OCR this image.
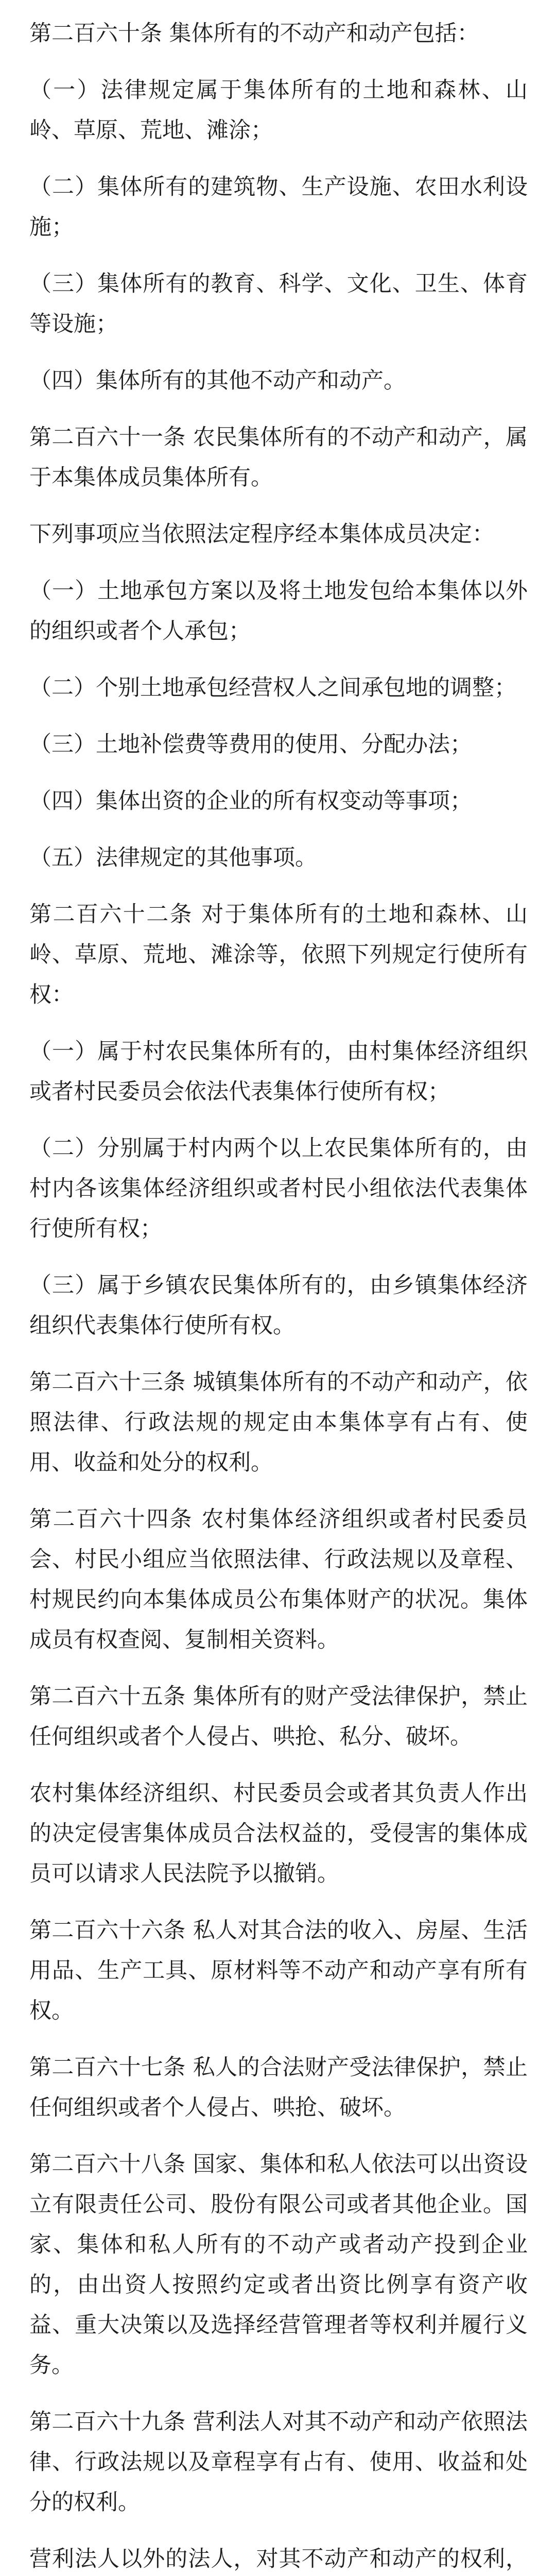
第二百六十条 集体所有的不动产和动产包括：

（一）法律规定属于集体所有的土地和森林、山岭、草原、荒地、滩涂；

（二）集体所有的建筑物、生产设施、农田水利设施；

（三）集体所有的教育、科学、文化、卫生、体育等设施；

（四）集体所有的其他不动产和动产。

第二百六十一条 农民集体所有的不动产和动产，属于本集体成员集体所有。

下列事项应当依照法定程序经本集体成员决定：

（一）土地承包方案以及将土地发包给本集体以外的组织或者个人承包；

（二）个别土地承包经营权人之间承包地的调整；

（三）土地补偿费等费用的使用、分配办法；

（四）集体出资的企业的所有权变动等事项；

（五）法律规定的其他事项。

第二百六十二条 对于集体所有的土地和森林、山岭、草原、荒地、滩涂等，依照下列规定行使所有权：

（一）属于村农民集体所有的，由村集体经济组织或者村民委员会依法代表集体行使所有权；

（二）分别属于村内两个以上农民集体所有的，由村内各该集体经济组织或者村民小组依法代表集体行使所有权；

（三）属于乡镇农民集体所有的，由乡镇集体经济组织代表集体行使所有权。

第二百六十三条 城镇集体所有的不动产和动产，依照法律、行政法规的规定由本集体享有占有、使用、收益和处分的权利。

第二百六十四条 农村集体经济组织或者村民委员会、村民小组应当依照法律、行政法规以及章程、村规民约向本集体成员公布集体财产的状况。集体成员有权查阅、复制相关资料。

第二百六十五条 集体所有的财产受法律保护，禁止任何组织或者个人侵占、哄抢、私分、破坏。

农村集体经济组织、村民委员会或者其负责人作出的决定侵害集体成员合法权益的，受侵害的集体成员可以请求人民法院予以撤销。

第二百六十六条 私人对其合法的收入、房屋、生活用品、生产工具、原材料等不动产和动产享有所有权。

第二百六十七条 私人的合法财产受法律保护，禁止任何组织或者个人侵占、哄抢、破坏。

第二百六十八条 国家、集体和私人依法可以出资设立有限责任公司、股份有限公司或者其他企业。国家、集体和私人所有的不动产或者动产投到企业的，由出资人按照约定或者出资比例享有资产收益、重大决策以及选择经营管理者等权利并履行义务。

第二百六十九条 营利法人对其不动产和动产依照法律、行政法规以及章程享有占有、使用、收益和处分的权利。

营利法人以外的法人，对其不动产和动产的权利，
